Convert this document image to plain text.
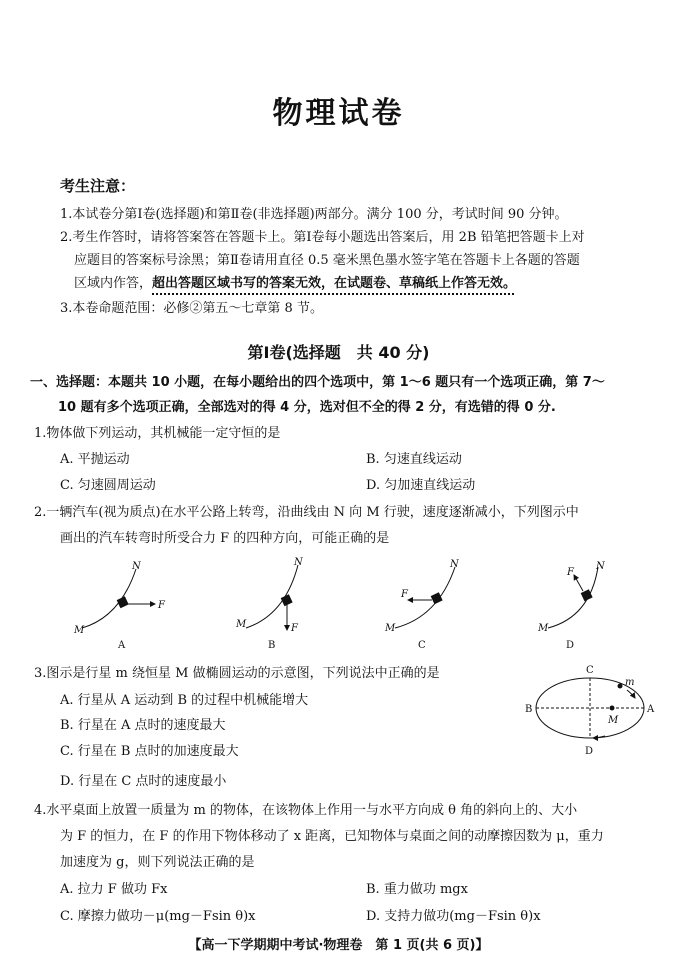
物理试卷
考生注意：
1.本试卷分第Ⅰ卷(选择题)和第Ⅱ卷(非选择题)两部分。满分 100 分，考试时间 90 分钟。
2.考生作答时，请将答案答在答题卡上。第Ⅰ卷每小题选出答案后，用 2B 铅笔把答题卡上对
应题目的答案标号涂黑；第Ⅱ卷请用直径 0.5 毫米黑色墨水签字笔在答题卡上各题的答题
区域内作答，超出答题区域书写的答案无效，在试题卷、草稿纸上作答无效。
3.本卷命题范围：必修②第五～七章第 8 节。
第Ⅰ卷(选择题　共 40 分)
一、选择题：本题共 10 小题，在每小题给出的四个选项中，第 1～6 题只有一个选项正确，第 7～
10 题有多个选项正确，全部选对的得 4 分，选对但不全的得 2 分，有选错的得 0 分.
1.物体做下列运动，其机械能一定守恒的是
A. 平抛运动	B. 匀速直线运动
C. 匀速圆周运动	D. 匀加速直线运动
2.一辆汽车(视为质点)在水平公路上转弯，沿曲线由 N 向 M 行驶，速度逐渐减小，下列图示中
画出的汽车转弯时所受合力 F 的四种方向，可能正确的是
N
M
F
A
N
M	F
B
N
M
F
C
N
M
F
D
3.图示是行星 m 绕恒星 M 做椭圆运动的示意图，下列说法中正确的是
A. 行星从 A 运动到 B 的过程中机械能增大
B. 行星在 A 点时的速度最大
C. 行星在 B 点时的加速度最大
D. 行星在 C 点时的速度最小
C
D
B	A
M
m
4.水平桌面上放置一质量为 m 的物体，在该物体上作用一与水平方向成 θ 角的斜向上的、大小
为 F 的恒力，在 F 的作用下物体移动了 x 距离，已知物体与桌面之间的动摩擦因数为 μ，重力
加速度为 g，则下列说法正确的是
A. 拉力 F 做功 Fx	B. 重力做功 mgx
C. 摩擦力做功－μ(mg－Fsin θ)x	D. 支持力做功(mg－Fsin θ)x
【高一下学期期中考试·物理卷　第 1 页(共 6 页)】
